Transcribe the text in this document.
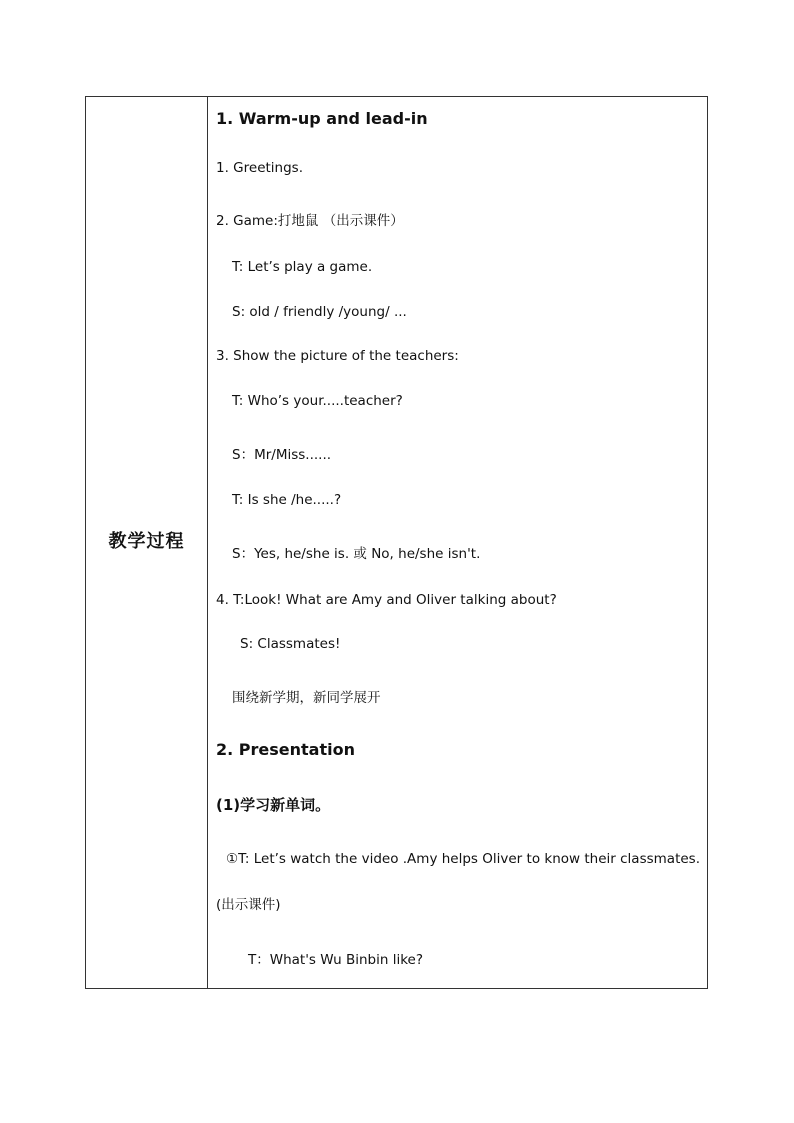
教学过程
1. Warm-up and lead-in
1. Greetings.
2. Game:打地鼠 （出示课件）
T: Let’s play a game.
S: old / friendly /young/ ...
3. Show the picture of the teachers:
T: Who’s your.....teacher?
S：Mr/Miss......
T: Is she /he.....?
S：Yes, he/she is. 或 No, he/she isn't.
4. T:Look! What are Amy and Oliver talking about?
S: Classmates!
围绕新学期，新同学展开
2. Presentation
(1)学习新单词。
①T: Let’s watch the video .Amy helps Oliver to know their classmates.
(出示课件)
T：What's Wu Binbin like?
